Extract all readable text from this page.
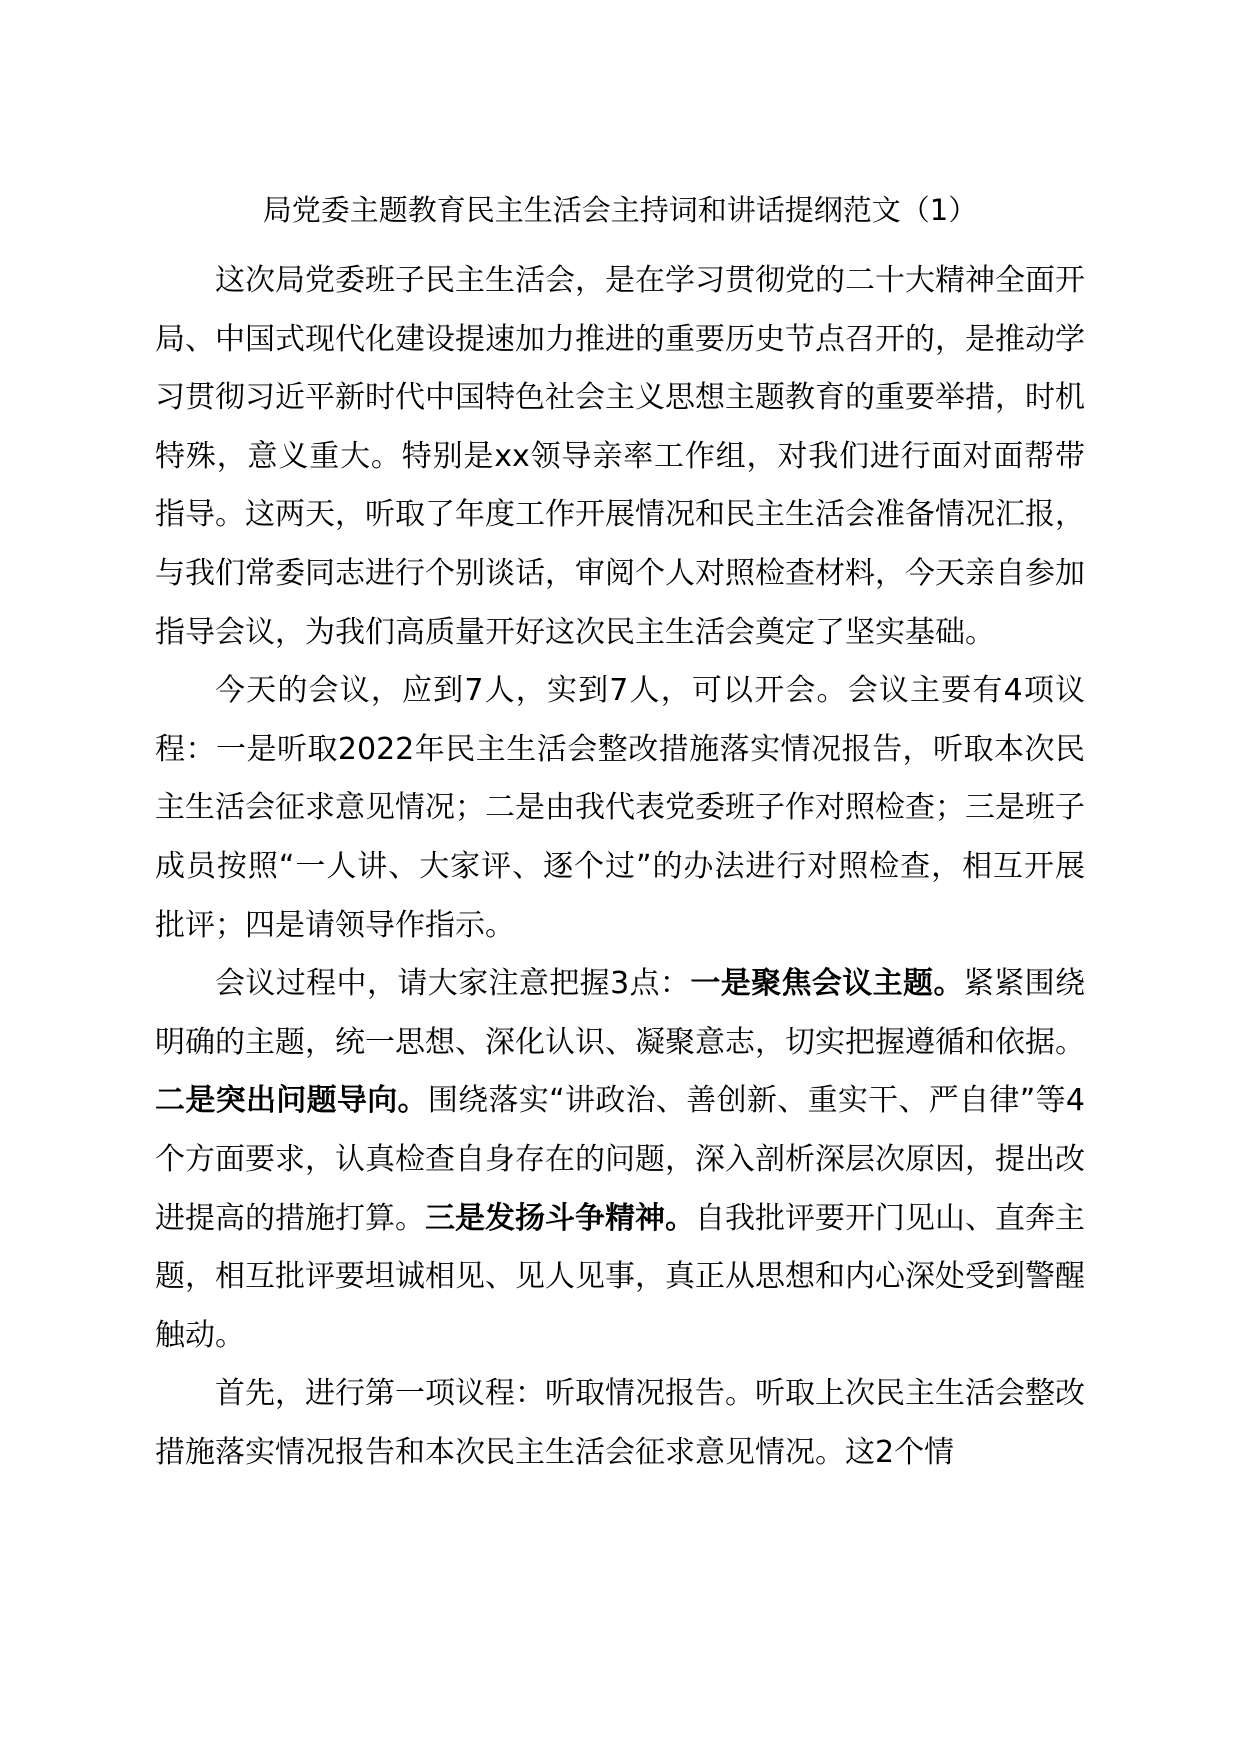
局党委主题教育民主生活会主持词和讲话提纲范文（1）

这次局党委班子民主生活会，是在学习贯彻党的二十大精神全面开局、中国式现代化建设提速加力推进的重要历史节点召开的，是推动学习贯彻习近平新时代中国特色社会主义思想主题教育的重要举措，时机特殊，意义重大。特别是xx领导亲率工作组，对我们进行面对面帮带指导。这两天，听取了年度工作开展情况和民主生活会准备情况汇报，与我们常委同志进行个别谈话，审阅个人对照检查材料，今天亲自参加指导会议，为我们高质量开好这次民主生活会奠定了坚实基础。

今天的会议，应到7人，实到7人，可以开会。会议主要有4项议程：一是听取2022年民主生活会整改措施落实情况报告，听取本次民主生活会征求意见情况；二是由我代表党委班子作对照检查；三是班子成员按照“一人讲、大家评、逐个过”的办法进行对照检查，相互开展批评；四是请领导作指示。

会议过程中，请大家注意把握3点：一是聚焦会议主题。紧紧围绕明确的主题，统一思想、深化认识、凝聚意志，切实把握遵循和依据。二是突出问题导向。围绕落实“讲政治、善创新、重实干、严自律”等4个方面要求，认真检查自身存在的问题，深入剖析深层次原因，提出改进提高的措施打算。三是发扬斗争精神。自我批评要开门见山、直奔主题，相互批评要坦诚相见、见人见事，真正从思想和内心深处受到警醒触动。

首先，进行第一项议程：听取情况报告。听取上次民主生活会整改措施落实情况报告和本次民主生活会征求意见情况。这2个情
